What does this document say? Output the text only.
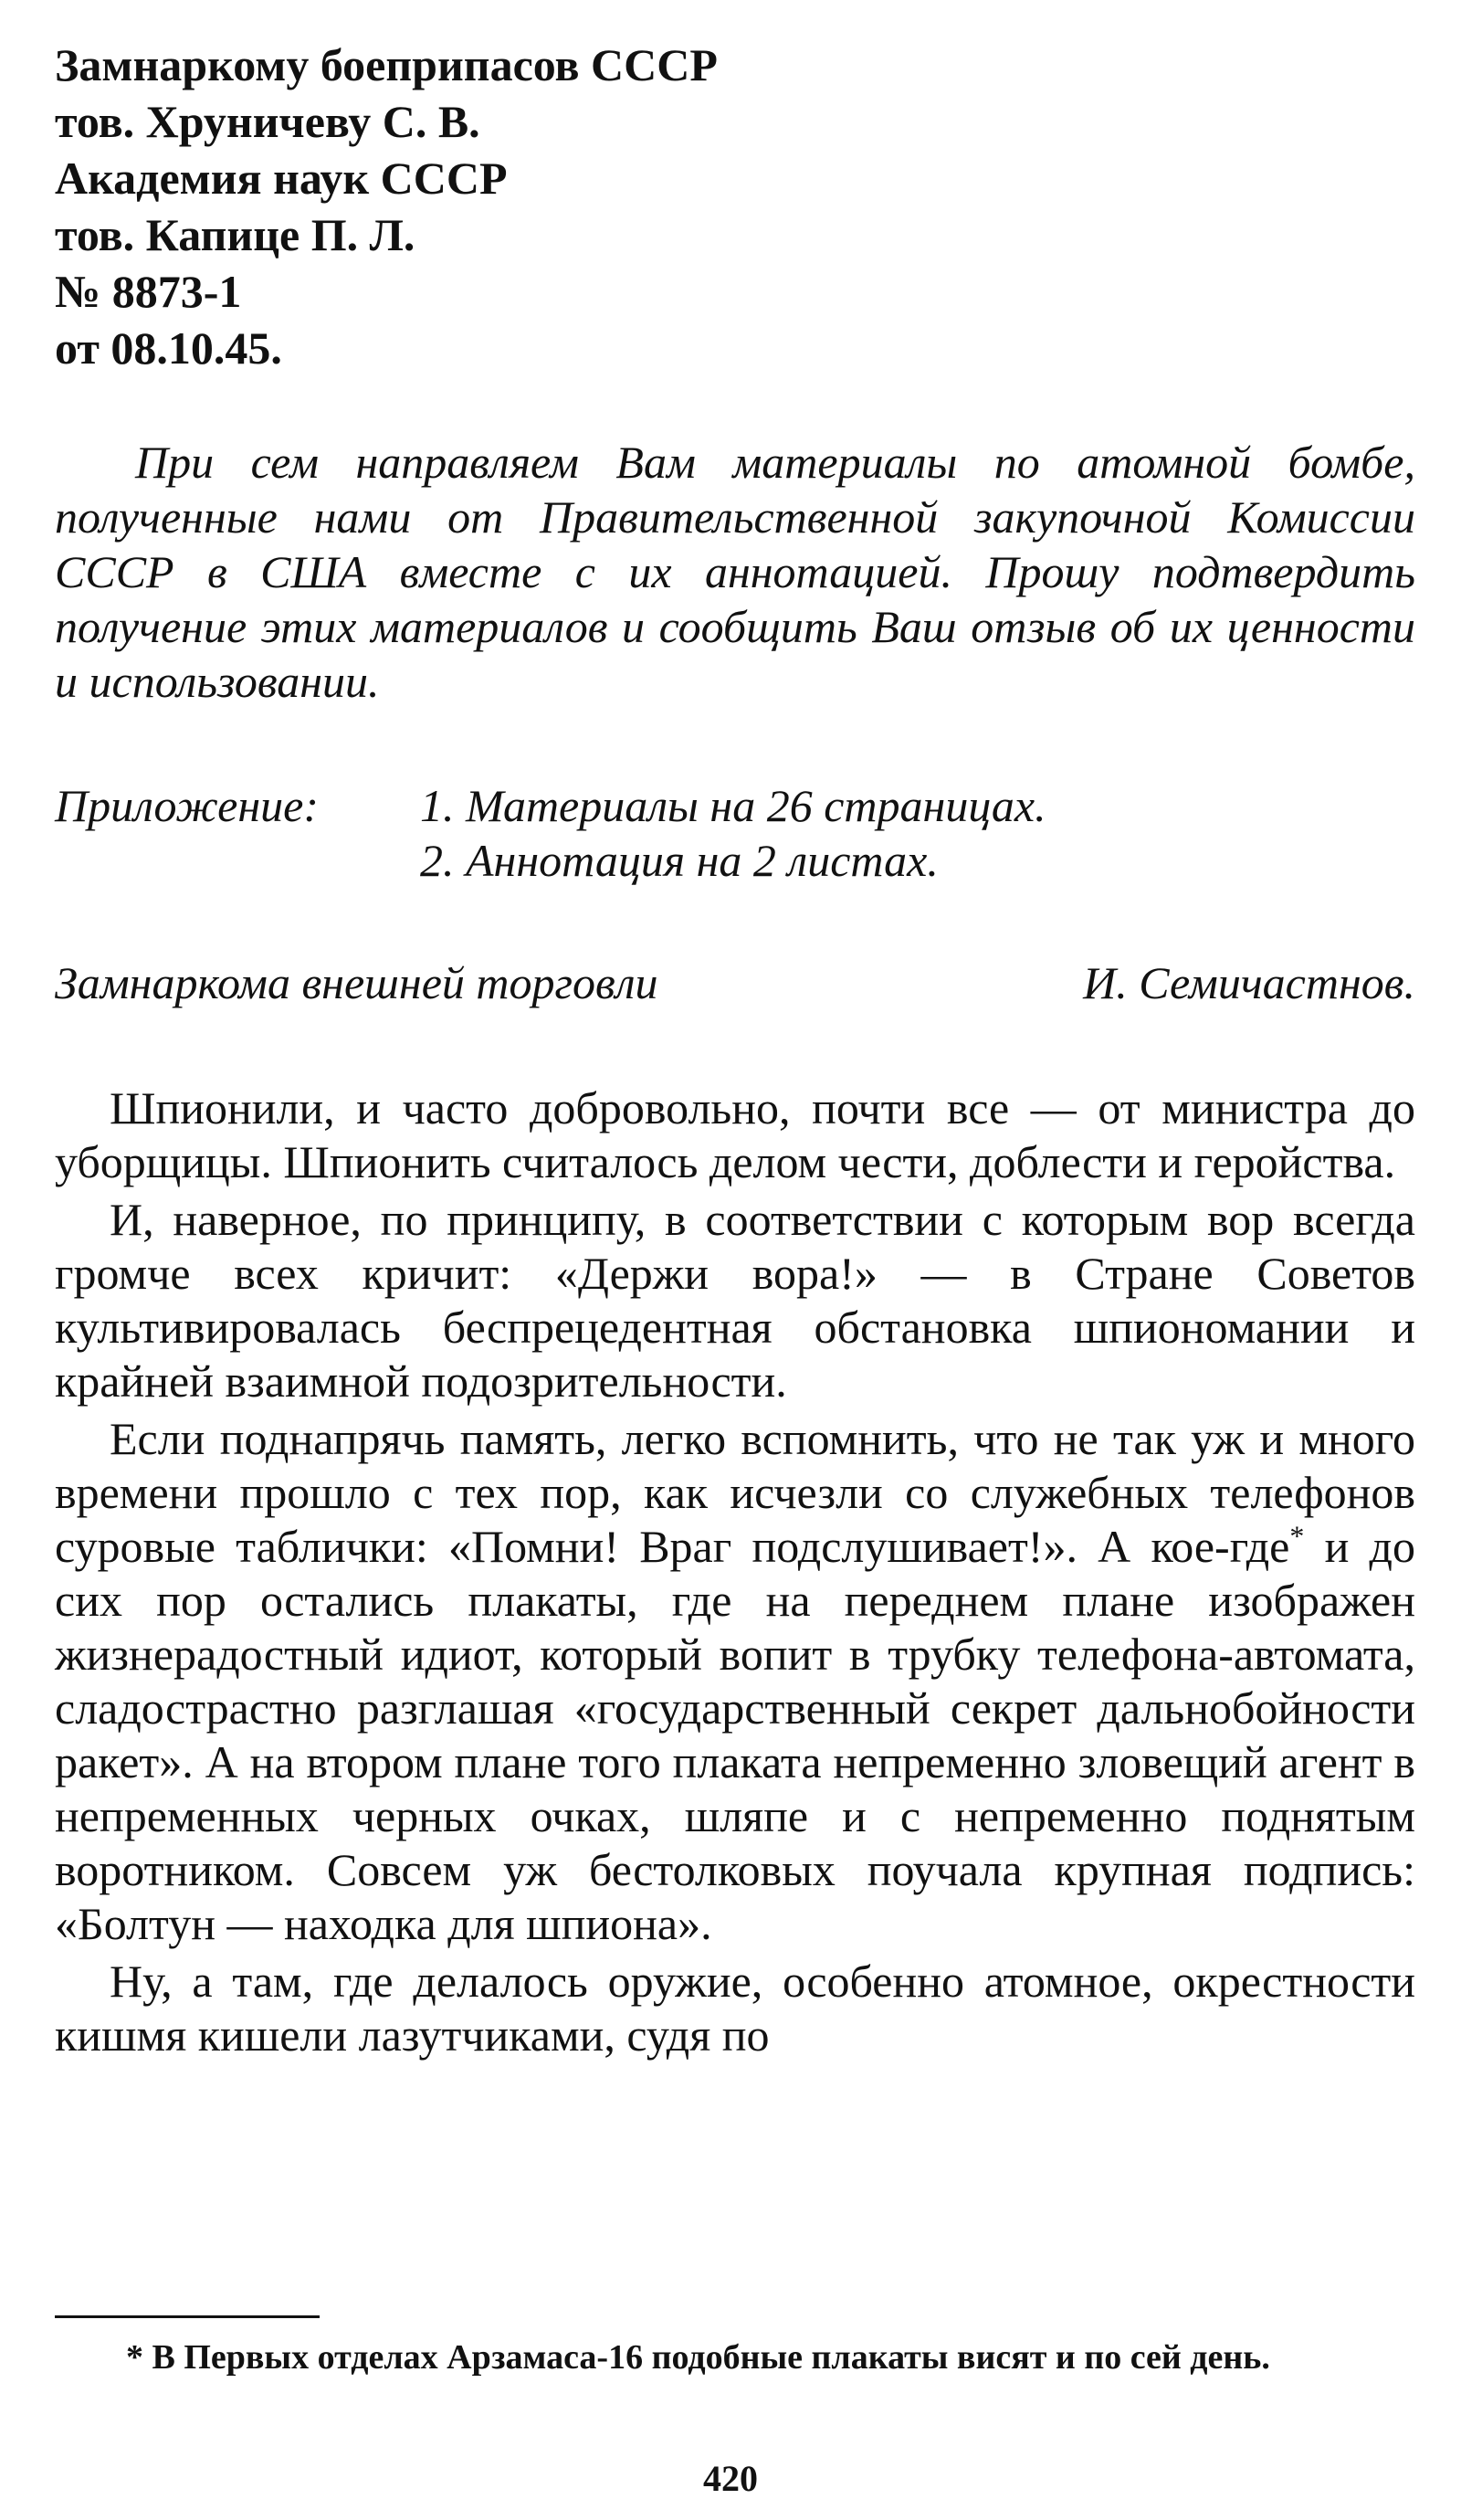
Замнаркому боеприпасов СССР
тов. Хруничеву С. В.
Академия наук СССР
тов. Капице П. Л.
№ 8873-1
от 08.10.45.

При сем направляем Вам материалы по атомной бомбе, полученные нами от Правительственной закупочной Комиссии СССР в США вместе с их аннотацией. Прошу подтвердить получение этих материалов и сообщить Ваш отзыв об их ценности и использовании.

Приложение:	1. Материалы на 26 страницах.
2. Аннотация на 2 листах.
Замнаркома внешней торговли	И. Семичастнов.

Шпионили, и часто добровольно, почти все — от министра до уборщицы. Шпионить считалось делом чести, доблести и геройства.

И, наверное, по принципу, в соответствии с которым вор всегда громче всех кричит: «Держи вора!» — в Стране Советов культивировалась беспрецедентная обстановка шпиономании и крайней взаимной подозрительности.

Если поднапрячь память, легко вспомнить, что не так уж и много времени прошло с тех пор, как исчезли со служебных телефонов суровые таблички: «Помни! Враг подслушивает!». А кое-где* и до сих пор остались плакаты, где на переднем плане изображен жизнерадостный идиот, который вопит в трубку телефона-автомата, сладострастно разглашая «государственный секрет дальнобойности ракет». А на втором плане того плаката непременно зловещий агент в непременных черных очках, шляпе и с непременно поднятым воротником. Совсем уж бестолковых поучала крупная подпись: «Болтун — находка для шпиона».

Ну, а там, где делалось оружие, особенно атомное, окрестности кишмя кишели лазутчиками, судя по

* В Первых отделах Арзамаса-16 подобные плакаты висят и по сей день.
420
